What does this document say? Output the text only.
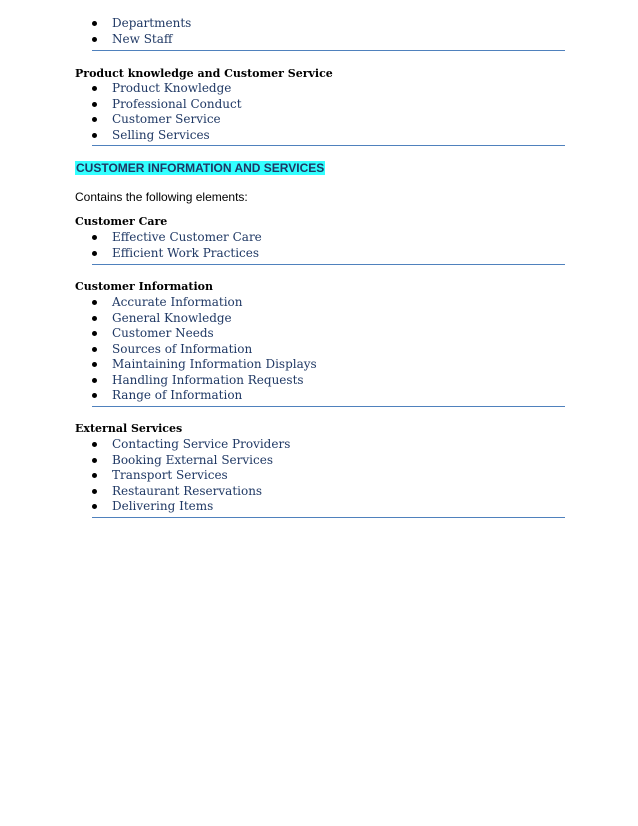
Departments
New Staff
Product knowledge and Customer Service
Product Knowledge
Professional Conduct
Customer Service
Selling Services
CUSTOMER INFORMATION AND SERVICES
Contains the following elements:
Customer Care
Effective Customer Care
Efficient Work Practices
Customer Information
Accurate Information
General Knowledge
Customer Needs
Sources of Information
Maintaining Information Displays
Handling Information Requests
Range of Information
External Services
Contacting Service Providers
Booking External Services
Transport Services
Restaurant Reservations
Delivering Items
